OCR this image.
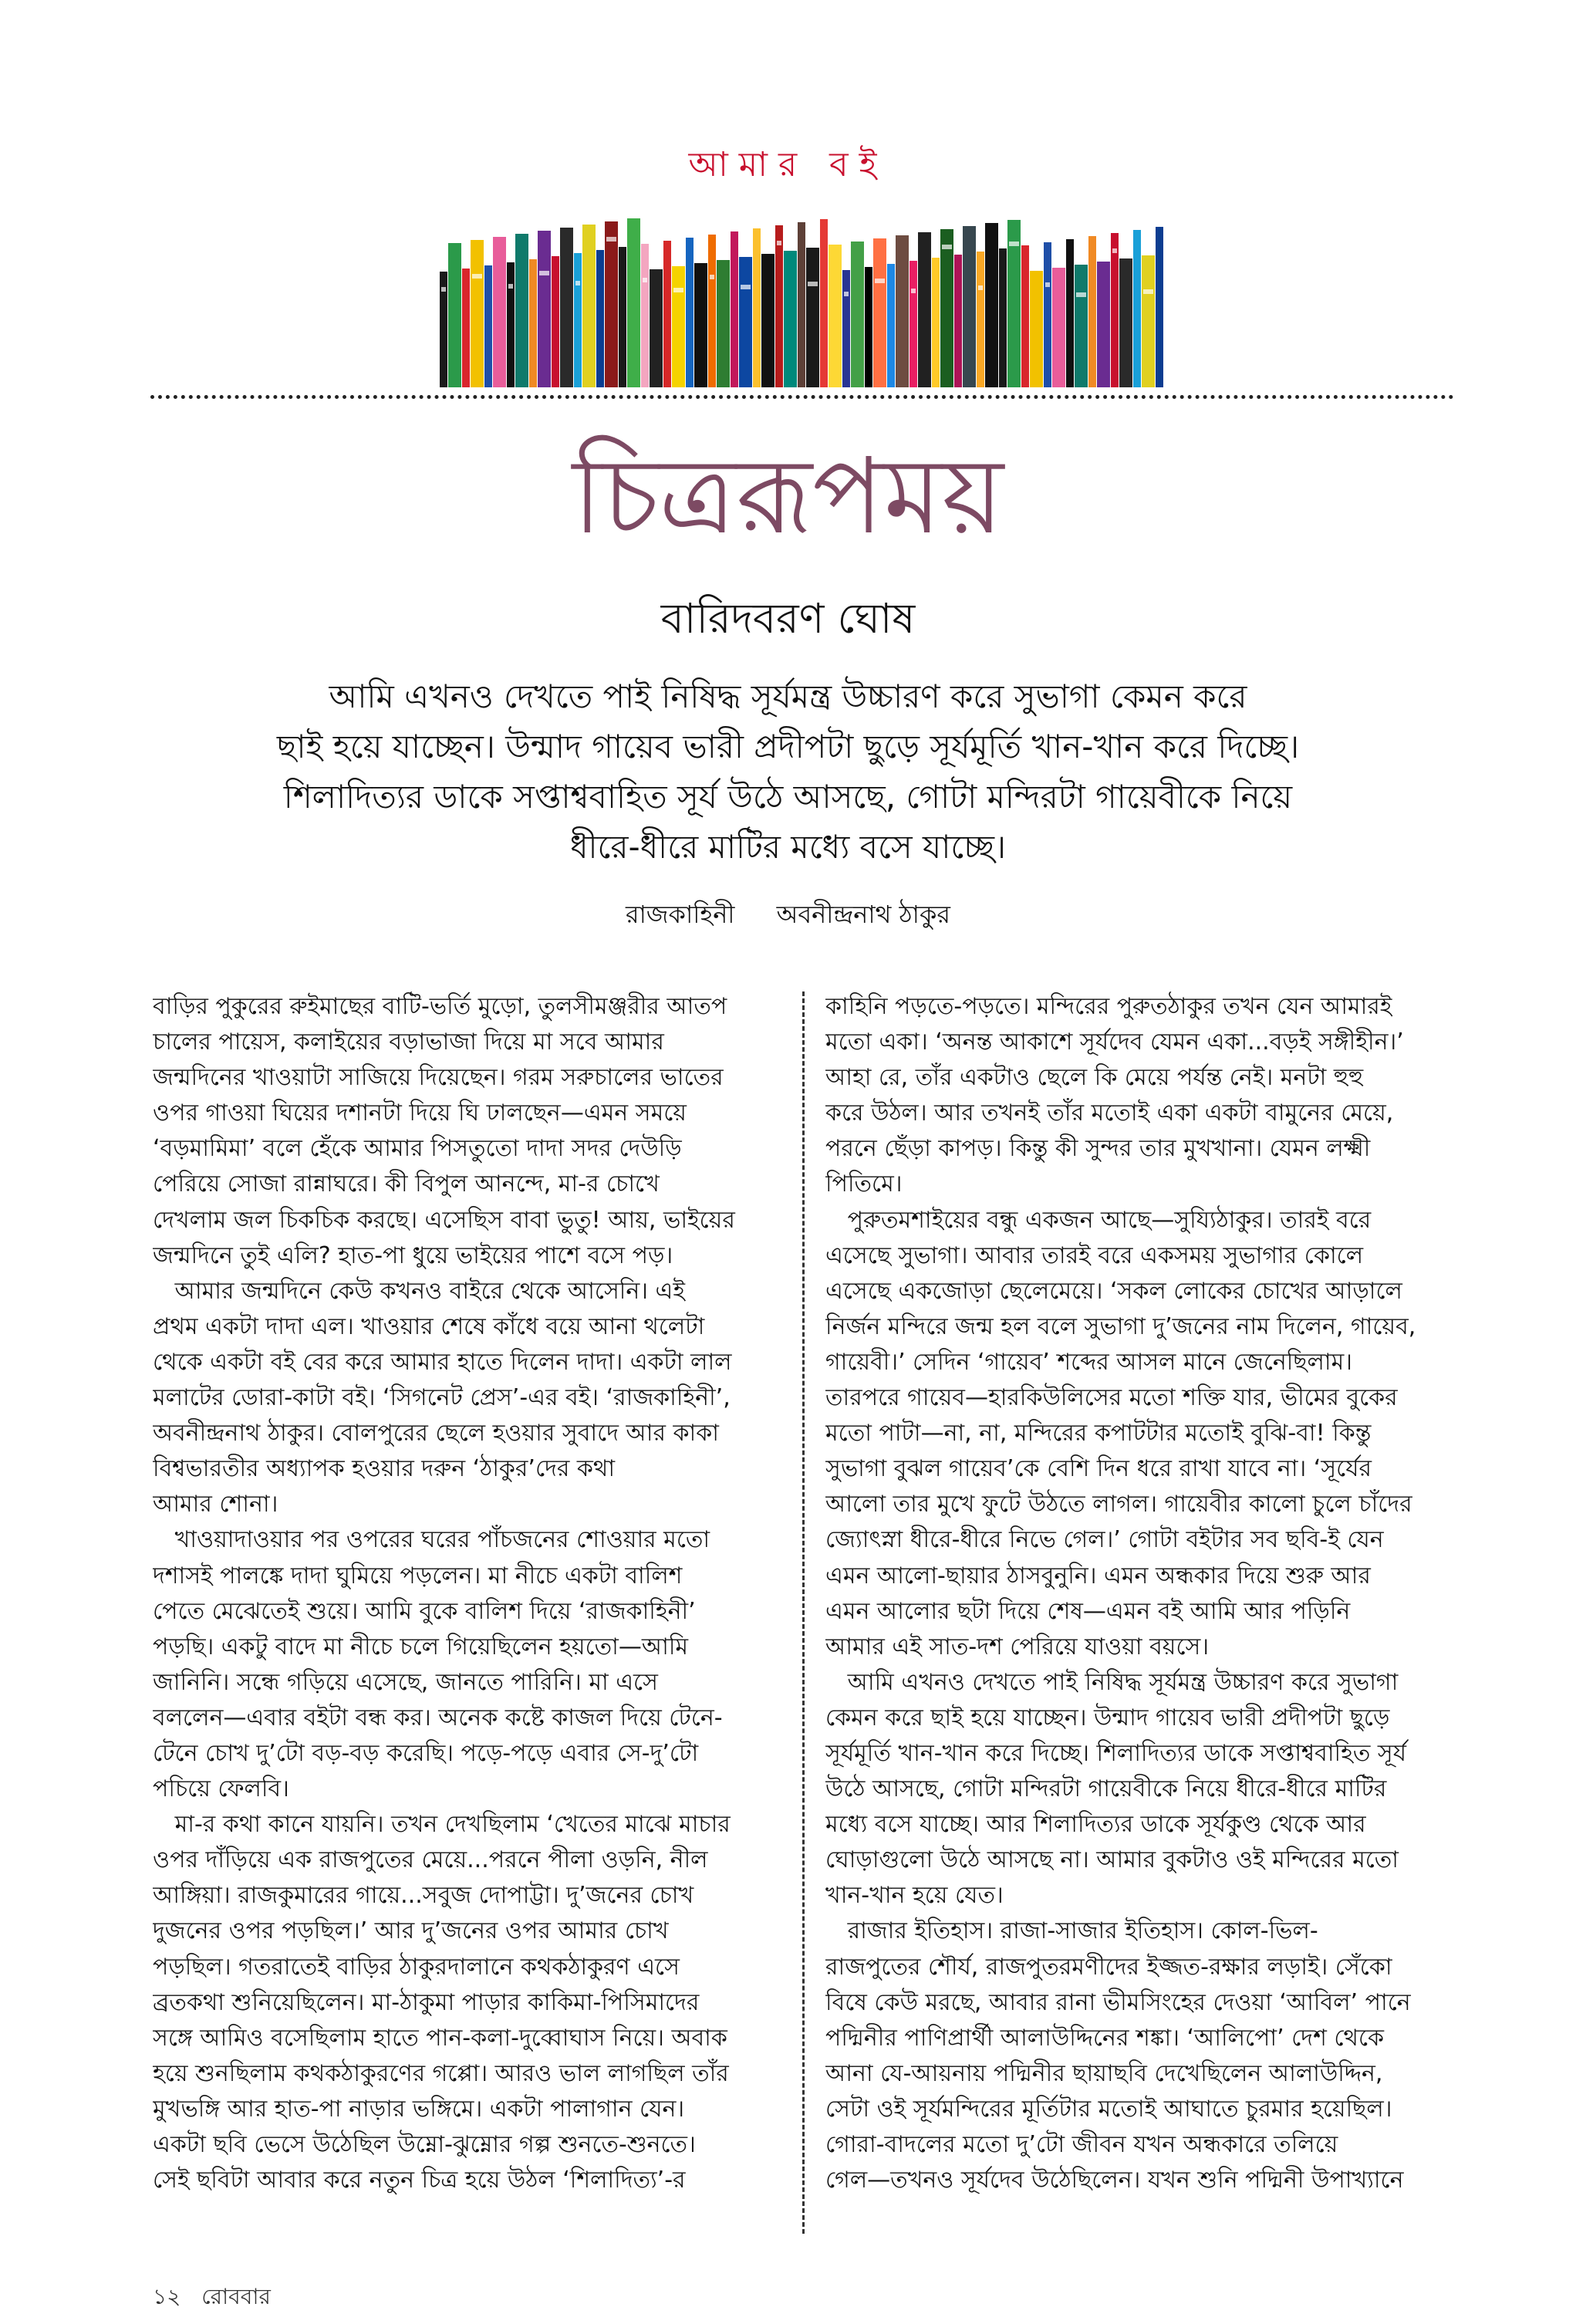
আমার বই
চিত্ররূপময়
বারিদবরণ ঘোষ
আমি এখনও দেখতে পাই নিষিদ্ধ সূর্যমন্ত্র উচ্চারণ করে সুভাগা কেমন করে
ছাই হয়ে যাচ্ছেন। উন্মাদ গায়েব ভারী প্রদীপটা ছুড়ে সূর্যমূর্তি খান-খান করে দিচ্ছে।
শিলাদিত্যর ডাকে সপ্তাশ্ববাহিত সূর্য উঠে আসছে, গোটা মন্দিরটা গায়েবীকে নিয়ে
ধীরে-ধীরে মাটির মধ্যে বসে যাচ্ছে।
রাজকাহিনী অবনীন্দ্রনাথ ঠাকুর
বাড়ির পুকুরের রুইমাছের বাটি-ভর্তি মুড়ো, তুলসীমঞ্জরীর আতপ
চালের পায়েস, কলাইয়ের বড়াভাজা দিয়ে মা সবে আমার
জন্মদিনের খাওয়াটা সাজিয়ে দিয়েছেন। গরম সরুচালের ভাতের
ওপর গাওয়া ঘিয়ের দশানটা দিয়ে ঘি ঢালছেন—এমন সময়ে
‘বড়মামিমা’ বলে হেঁকে আমার পিসতুতো দাদা সদর দেউড়ি
পেরিয়ে সোজা রান্নাঘরে। কী বিপুল আনন্দে, মা-র চোখে
দেখলাম জল চিকচিক করছে। এসেছিস বাবা ভুতু! আয়, ভাইয়ের
জন্মদিনে তুই এলি? হাত-পা ধুয়ে ভাইয়ের পাশে বসে পড়।
আমার জন্মদিনে কেউ কখনও বাইরে থেকে আসেনি। এই
প্রথম একটা দাদা এল। খাওয়ার শেষে কাঁধে বয়ে আনা থলেটা
থেকে একটা বই বের করে আমার হাতে দিলেন দাদা। একটা লাল
মলাটের ডোরা-কাটা বই। ‘সিগনেট প্রেস’-এর বই। ‘রাজকাহিনী’,
অবনীন্দ্রনাথ ঠাকুর। বোলপুরের ছেলে হওয়ার সুবাদে আর কাকা
বিশ্বভারতীর অধ্যাপক হওয়ার দরুন ‘ঠাকুর’দের কথা
আমার শোনা।
খাওয়াদাওয়ার পর ওপরের ঘরের পাঁচজনের শোওয়ার মতো
দশাসই পালঙ্কে দাদা ঘুমিয়ে পড়লেন। মা নীচে একটা বালিশ
পেতে মেঝেতেই শুয়ে। আমি বুকে বালিশ দিয়ে ‘রাজকাহিনী’
পড়ছি। একটু বাদে মা নীচে চলে গিয়েছিলেন হয়তো—আমি
জানিনি। সন্ধে গড়িয়ে এসেছে, জানতে পারিনি। মা এসে
বললেন—এবার বইটা বন্ধ কর। অনেক কষ্টে কাজল দিয়ে টেনে-
টেনে চোখ দু’টো বড়-বড় করেছি। পড়ে-পড়ে এবার সে-দু’টো
পচিয়ে ফেলবি।
মা-র কথা কানে যায়নি। তখন দেখছিলাম ‘খেতের মাঝে মাচার
ওপর দাঁড়িয়ে এক রাজপুতের মেয়ে...পরনে পীলা ওড়নি, নীল
আঙ্গিয়া। রাজকুমারের গায়ে...সবুজ দোপাট্টা। দু’জনের চোখ
দুজনের ওপর পড়ছিল।’ আর দু’জনের ওপর আমার চোখ
পড়ছিল। গতরাতেই বাড়ির ঠাকুরদালানে কথকঠাকুরণ এসে
ব্রতকথা শুনিয়েছিলেন। মা-ঠাকুমা পাড়ার কাকিমা-পিসিমাদের
সঙ্গে আমিও বসেছিলাম হাতে পান-কলা-দুব্বোঘাস নিয়ে। অবাক
হয়ে শুনছিলাম কথকঠাকুরণের গপ্পো। আরও ভাল লাগছিল তাঁর
মুখভঙ্গি আর হাত-পা নাড়ার ভঙ্গিমে। একটা পালাগান যেন।
একটা ছবি ভেসে উঠেছিল উম্নো-ঝুম্নোর গল্প শুনতে-শুনতে।
সেই ছবিটা আবার করে নতুন চিত্র হয়ে উঠল ‘শিলাদিত্য’-র
কাহিনি পড়তে-পড়তে। মন্দিরের পুরুতঠাকুর তখন যেন আমারই
মতো একা। ‘অনন্ত আকাশে সূর্যদেব যেমন একা...বড়ই সঙ্গীহীন।’
আহা রে, তাঁর একটাও ছেলে কি মেয়ে পর্যন্ত নেই। মনটা হুহু
করে উঠল। আর তখনই তাঁর মতোই একা একটা বামুনের মেয়ে,
পরনে ছেঁড়া কাপড়। কিন্তু কী সুন্দর তার মুখখানা। যেমন লক্ষ্মী
পিতিমে।
পুরুতমশাইয়ের বন্ধু একজন আছে—সুয্যিঠাকুর। তারই বরে
এসেছে সুভাগা। আবার তারই বরে একসময় সুভাগার কোলে
এসেছে একজোড়া ছেলেমেয়ে। ‘সকল লোকের চোখের আড়ালে
নির্জন মন্দিরে জন্ম হল বলে সুভাগা দু’জনের নাম দিলেন, গায়েব,
গায়েবী।’ সেদিন ‘গায়েব’ শব্দের আসল মানে জেনেছিলাম।
তারপরে গায়েব—হারকিউলিসের মতো শক্তি যার, ভীমের বুকের
মতো পাটা—না, না, মন্দিরের কপাটটার মতোই বুঝি-বা! কিন্তু
সুভাগা বুঝল গায়েব’কে বেশি দিন ধরে রাখা যাবে না। ‘সূর্যের
আলো তার মুখে ফুটে উঠতে লাগল। গায়েবীর কালো চুলে চাঁদের
জ্যোৎস্না ধীরে-ধীরে নিভে গেল।’ গোটা বইটার সব ছবি-ই যেন
এমন আলো-ছায়ার ঠাসবুনুনি। এমন অন্ধকার দিয়ে শুরু আর
এমন আলোর ছটা দিয়ে শেষ—এমন বই আমি আর পড়িনি
আমার এই সাত-দশ পেরিয়ে যাওয়া বয়সে।
আমি এখনও দেখতে পাই নিষিদ্ধ সূর্যমন্ত্র উচ্চারণ করে সুভাগা
কেমন করে ছাই হয়ে যাচ্ছেন। উন্মাদ গায়েব ভারী প্রদীপটা ছুড়ে
সূর্যমূর্তি খান-খান করে দিচ্ছে। শিলাদিত্যর ডাকে সপ্তাশ্ববাহিত সূর্য
উঠে আসছে, গোটা মন্দিরটা গায়েবীকে নিয়ে ধীরে-ধীরে মাটির
মধ্যে বসে যাচ্ছে। আর শিলাদিত্যর ডাকে সূর্যকুণ্ড থেকে আর
ঘোড়াগুলো উঠে আসছে না। আমার বুকটাও ওই মন্দিরের মতো
খান-খান হয়ে যেত।
রাজার ইতিহাস। রাজা-সাজার ইতিহাস। কোল-ভিল-
রাজপুতের শৌর্য, রাজপুতরমণীদের ইজ্জত-রক্ষার লড়াই। সেঁকো
বিষে কেউ মরছে, আবার রানা ভীমসিংহের দেওয়া ‘আবিল’ পানে
পদ্মিনীর পাণিপ্রার্থী আলাউদ্দিনের শঙ্কা। ‘আলিপো’ দেশ থেকে
আনা যে-আয়নায় পদ্মিনীর ছায়াছবি দেখেছিলেন আলাউদ্দিন,
সেটা ওই সূর্যমন্দিরের মূর্তিটার মতোই আঘাতে চুরমার হয়েছিল।
গোরা-বাদলের মতো দু’টো জীবন যখন অন্ধকারে তলিয়ে
গেল—তখনও সূর্যদেব উঠেছিলেন। যখন শুনি পদ্মিনী উপাখ্যানে
১২ রোববার
